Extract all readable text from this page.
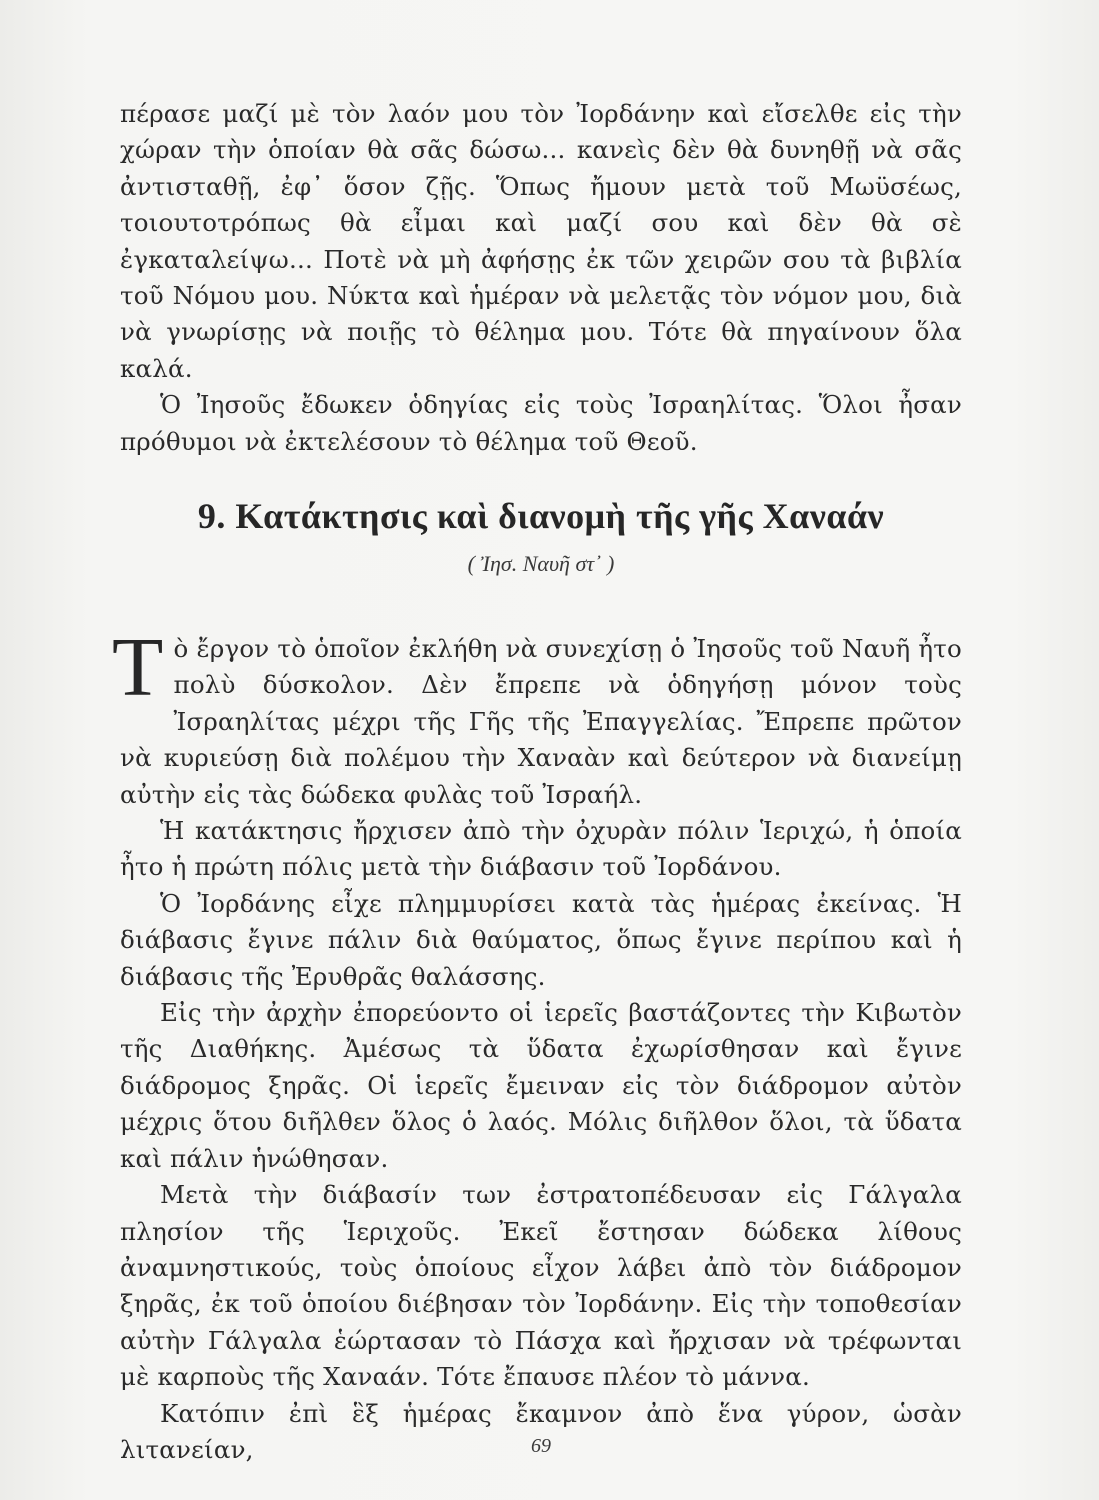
πέρασε μαζί μὲ τὸν λαόν μου τὸν Ἰορδάνην καὶ εἴσελθε εἰς τὴν χώραν τὴν ὁποίαν θὰ σᾶς δώσω... κανεὶς δὲν θὰ δυνηθῇ νὰ σᾶς ἀντισταθῇ, ἐφ᾿ ὅσον ζῇς. Ὅπως ἤμουν μετὰ τοῦ Μωϋσέως, τοιουτοτρόπως θὰ εἶμαι καὶ μαζί σου καὶ δὲν θὰ σὲ ἐγκαταλείψω... Ποτὲ νὰ μὴ ἀφήσῃς ἐκ τῶν χειρῶν σου τὰ βιβλία τοῦ Νόμου μου. Νύκτα καὶ ἡμέραν νὰ μελετᾷς τὸν νόμον μου, διὰ νὰ γνωρίσῃς νὰ ποιῇς τὸ θέλημα μου. Τότε θὰ πηγαίνουν ὅλα καλά.

Ὁ Ἰησοῦς ἔδωκεν ὁδηγίας εἰς τοὺς Ἰσραηλίτας. Ὅλοι ἦσαν πρόθυμοι νὰ ἐκτελέσουν τὸ θέλημα τοῦ Θεοῦ.

9. Κατάκτησις καὶ διανομὴ τῆς γῆς Χαναάν
( Ἰησ. Ναυῆ στ᾿ )

Τὸ ἔργον τὸ ὁποῖον ἐκλήθη νὰ συνεχίσῃ ὁ Ἰησοῦς τοῦ Ναυῆ ἦτο πολὺ δύσκολον. Δὲν ἔπρεπε νὰ ὁδηγήσῃ μόνον τοὺς Ἰσραηλίτας μέχρι τῆς Γῆς τῆς Ἐπαγγελίας. Ἔπρεπε πρῶτον νὰ κυριεύσῃ διὰ πολέμου τὴν Χαναὰν καὶ δεύτερον νὰ διανείμῃ αὐτὴν εἰς τὰς δώδεκα φυλὰς τοῦ Ἰσραήλ.

Ἡ κατάκτησις ἤρχισεν ἀπὸ τὴν ὀχυρὰν πόλιν Ἱεριχώ, ἡ ὁποία ἦτο ἡ πρώτη πόλις μετὰ τὴν διάβασιν τοῦ Ἰορδάνου.

Ὁ Ἰορδάνης εἶχε πλημμυρίσει κατὰ τὰς ἡμέρας ἐκείνας. Ἡ διάβασις ἔγινε πάλιν διὰ θαύματος, ὅπως ἔγινε περίπου καὶ ἡ διάβασις τῆς Ἐρυθρᾶς θαλάσσης.

Εἰς τὴν ἀρχὴν ἐπορεύοντο οἱ ἱερεῖς βαστάζοντες τὴν Κιβωτὸν τῆς Διαθήκης. Ἀμέσως τὰ ὕδατα ἐχωρίσθησαν καὶ ἔγινε διάδρομος ξηρᾶς. Οἱ ἱερεῖς ἔμειναν εἰς τὸν διάδρομον αὐτὸν μέχρις ὅτου διῆλθεν ὅλος ὁ λαός. Μόλις διῆλθον ὅλοι, τὰ ὕδατα καὶ πάλιν ἡνώθησαν.

Μετὰ τὴν διάβασίν των ἐστρατοπέδευσαν εἰς Γάλγαλα πλησίον τῆς Ἱεριχοῦς. Ἐκεῖ ἔστησαν δώδεκα λίθους ἀναμνηστικούς, τοὺς ὁποίους εἶχον λάβει ἀπὸ τὸν διάδρομον ξηρᾶς, ἐκ τοῦ ὁποίου διέβησαν τὸν Ἰορδάνην. Εἰς τὴν τοποθεσίαν αὐτὴν Γάλγαλα ἑώρτασαν τὸ Πάσχα καὶ ἤρχισαν νὰ τρέφωνται μὲ καρποὺς τῆς Χαναάν. Τότε ἔπαυσε πλέον τὸ μάννα.

Κατόπιν ἐπὶ ἓξ ἡμέρας ἔκαμνον ἀπὸ ἕνα γύρον, ὡσὰν λιτανείαν,	69
